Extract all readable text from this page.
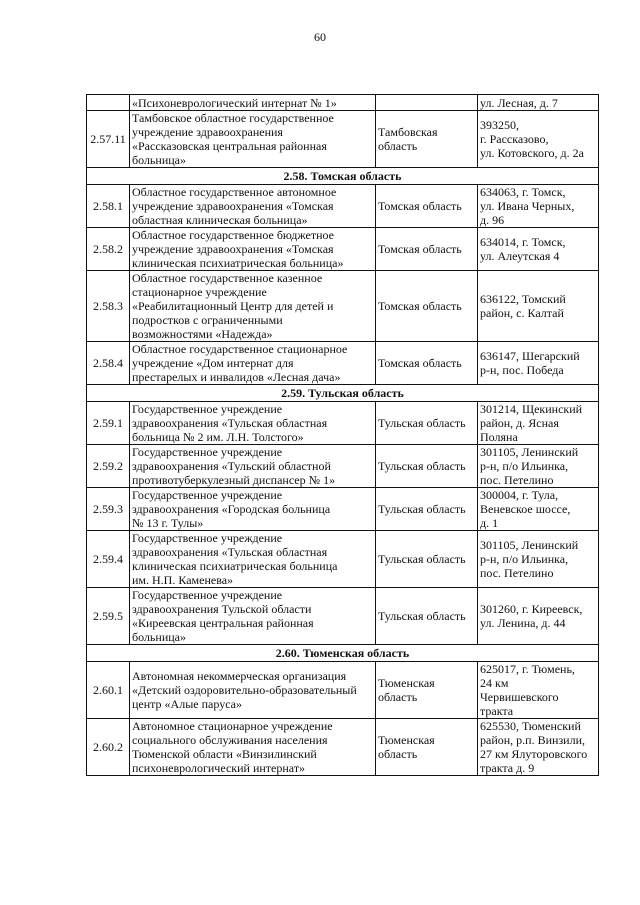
60
	«Психоневрологический интернат № 1»		ул. Лесная, д. 7
2.57.11	Тамбовское областное государственное
учреждение здравоохранения
«Рассказовская центральная районная
больница»	Тамбовская
область	393250,
г. Рассказово,
ул. Котовского, д. 2а
2.58. Томская область			
2.58.1	Областное государственное автономное
учреждение здравоохранения «Томская
областная клиническая больница»	Томская область	634063, г. Томск,
ул. Ивана Черных,
д. 96
2.58.2	Областное государственное бюджетное
учреждение здравоохранения «Томская
клиническая психиатрическая больница»	Томская область	634014, г. Томск,
ул. Алеутская 4
2.58.3	Областное государственное казенное
стационарное учреждение
«Реабилитационный Центр для детей и
подростков с ограниченными
возможностями «Надежда»	Томская область	636122, Томский
район, с. Калтай
2.58.4	Областное государственное стационарное
учреждение «Дом интернат для
престарелых и инвалидов «Лесная дача»	Томская область	636147, Шегарский
р-н, пос. Победа
2.59. Тульская область			
2.59.1	Государственное учреждение
здравоохранения «Тульская областная
больница № 2 им. Л.Н. Толстого»	Тульская область	301214, Щекинский
район, д. Ясная
Поляна
2.59.2	Государственное учреждение
здравоохранения «Тульский областной
противотуберкулезный диспансер № 1»	Тульская область	301105, Ленинский
р-н, п/о Ильинка,
пос. Петелино
2.59.3	Государственное учреждение
здравоохранения «Городская больница
№ 13 г. Тулы»	Тульская область	300004, г. Тула,
Веневское шоссе,
д. 1
2.59.4	Государственное учреждение
здравоохранения «Тульская областная
клиническая психиатрическая больница
им. Н.П. Каменева»	Тульская область	301105, Ленинский
р-н, п/о Ильинка,
пос. Петелино
2.59.5	Государственное учреждение
здравоохранения Тульской области
«Киреевская центральная районная
больница»	Тульская область	301260, г. Киреевск,
ул. Ленина, д. 44
2.60. Тюменская область			
2.60.1	Автономная некоммерческая организация
«Детский оздоровительно-образовательный
центр «Алые паруса»	Тюменская
область	625017, г. Тюмень,
24 км
Червишевского
тракта
2.60.2	Автономное стационарное учреждение
социального обслуживания населения
Тюменской области «Винзилинский
психоневрологический интернат»	Тюменская
область	625530, Тюменский
район, р.п. Винзили,
27 км Ялуторовского
тракта д. 9
